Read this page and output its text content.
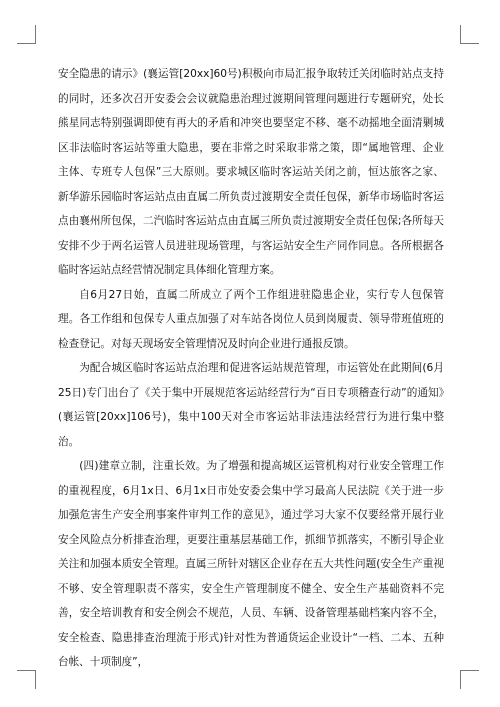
安全隐患的请示》(襄运管[20xx]60号)积极向市局汇报争取转迁关闭临时站点支持的同时，还多次召开安委会会议就隐患治理过渡期间管理问题进行专题研究，处长熊星同志特别强调即使有再大的矛盾和冲突也要坚定不移、毫不动摇地全面清剿城区非法临时客运站等重大隐患，要在非常之时采取非常之策，即“属地管理、企业主体、专班专人包保”三大原则。要求城区临时客运站关闭之前，恒达旅客之家、新华游乐园临时客运站点由直属二所负责过渡期安全责任包保，新华市场临时客运点由襄州所包保，二汽临时客运站点由直属三所负责过渡期安全责任包保;各所每天安排不少于两名运管人员进驻现场管理，与客运站安全生产同作同息。各所根据各临时客运站点经营情况制定具体细化管理方案。

自6月27日始，直属二所成立了两个工作组进驻隐患企业，实行专人包保管理。各工作组和包保专人重点加强了对车站各岗位人员到岗履责、领导带班值班的检查登记。对每天现场安全管理情况及时向企业进行通报反馈。

为配合城区临时客运站点治理和促进客运站规范管理，市运管处在此期间(6月25日)专门出台了《关于集中开展规范客运站经营行为“百日专项稽查行动”的通知》(襄运管[20xx]106号)，集中100天对全市客运站非法违法经营行为进行集中整治。

(四)建章立制，注重长效。为了增强和提高城区运管机构对行业安全管理工作的重视程度，6月1x日、6月1x日市处安委会集中学习最高人民法院《关于进一步加强危害生产安全刑事案件审判工作的意见》，通过学习大家不仅要经常开展行业安全风险点分析排查治理，更要注重基层基础工作，抓细节抓落实，不断引导企业关注和加强本质安全管理。直属三所针对辖区企业存在五大共性问题(安全生产重视不够、安全管理职责不落实，安全生产管理制度不健全、安全生产基础资料不完善，安全培训教育和安全例会不规范，人员、车辆、设备管理基础档案内容不全，安全检查、隐患排查治理流于形式)针对性为普通货运企业设计“一档、二本、五种台帐、十项制度”，
